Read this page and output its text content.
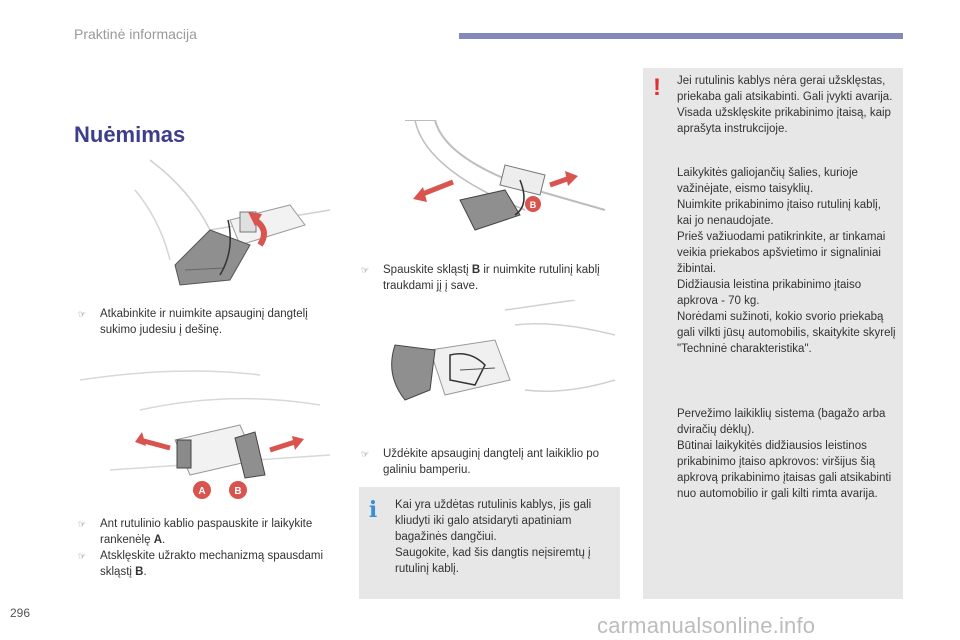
Praktinė informacija
Nuėmimas
☞	Atkabinkite ir nuimkite apsauginį dangtelį sukimo judesiu į dešinę.
A	B
☞	Ant rutulinio kablio paspauskite ir laikykite rankenėlę A.
☞	Atsklęskite užrakto mechanizmą spausdami skląstį B.
B
☞	Spauskite skląstį B ir nuimkite rutulinį kablį traukdami jį į save.
☞	Uždėkite apsauginį dangtelį ant laikiklio po galiniu bamperiu.
i Kai yra uždėtas rutulinis kablys, jis gali kliudyti iki galo atsidaryti apatiniam bagažinės dangčiui.
Saugokite, kad šis dangtis neįsiremtų į rutulinį kablį.
! Jei rutulinis kablys nėra gerai užsklęstas, priekaba gali atsikabinti. Gali įvykti avarija.
Visada užsklęskite prikabinimo įtaisą, kaip aprašyta instrukcijoje.
Laikykitės galiojančių šalies, kurioje važinėjate, eismo taisyklių.
Nuimkite prikabinimo įtaiso rutulinį kablį, kai jo nenaudojate.
Prieš važiuodami patikrinkite, ar tinkamai veikia priekabos apšvietimo ir signaliniai žibintai.
Didžiausia leistina prikabinimo įtaiso apkrova - 70 kg.
Norėdami sužinoti, kokio svorio priekabą gali vilkti jūsų automobilis, skaitykite skyrelį "Techninė charakteristika".
Pervežimo laikiklių sistema (bagažo arba dviračių dėklų).
Būtinai laikykitės didžiausios leistinos prikabinimo įtaiso apkrovos: viršijus šią apkrovą prikabinimo įtaisas gali atsikabinti nuo automobilio ir gali kilti rimta avarija.
296	carmanualsonline.info
